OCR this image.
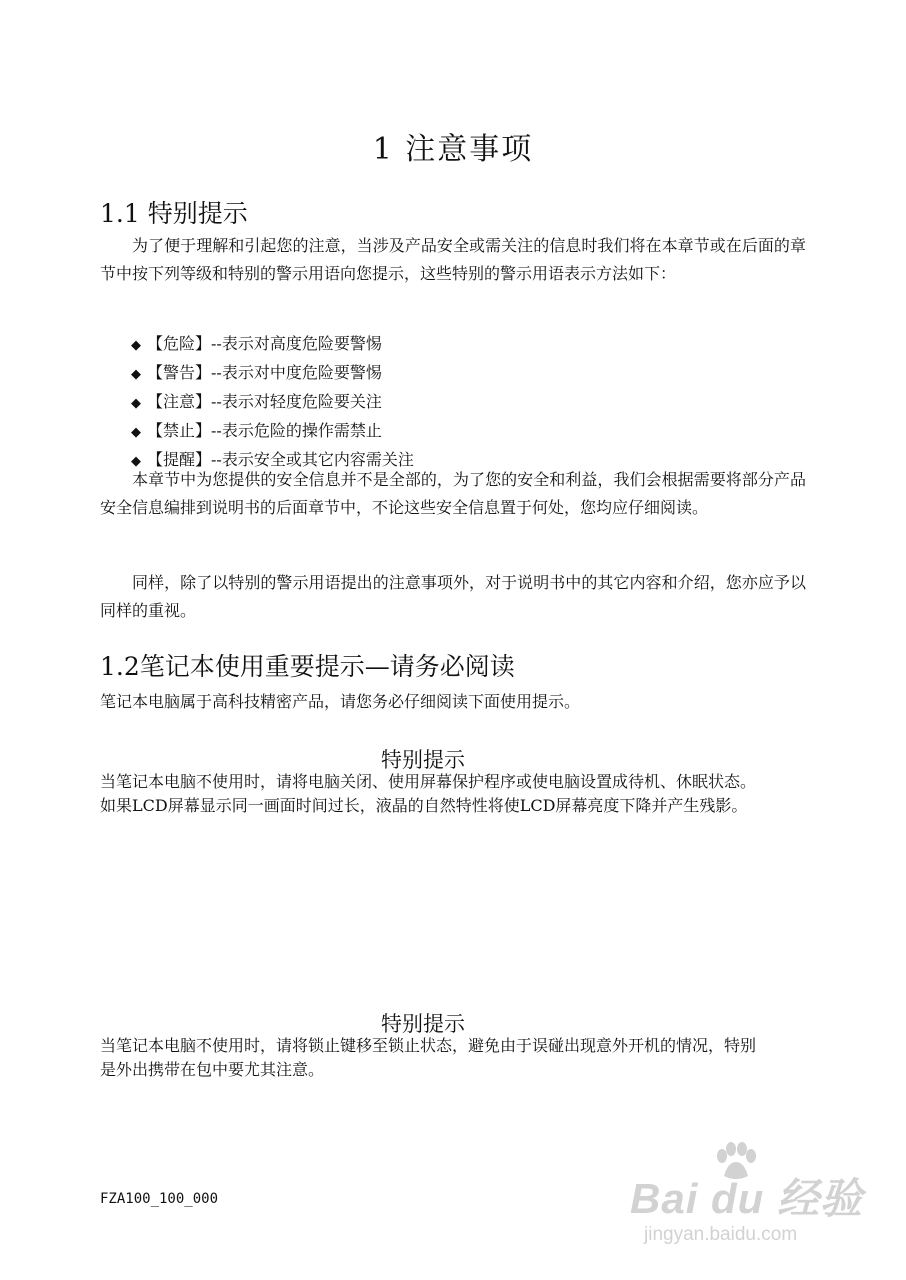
1 注意事项
1.1 特别提示
为了便于理解和引起您的注意，当涉及产品安全或需关注的信息时我们将在本章节或在后面的章节中按下列等级和特别的警示用语向您提示，这些特别的警示用语表示方法如下：
◆ 【危险】--表示对高度危险要警惕
◆ 【警告】--表示对中度危险要警惕
◆ 【注意】--表示对轻度危险要关注
◆ 【禁止】--表示危险的操作需禁止
◆ 【提醒】--表示安全或其它内容需关注
本章节中为您提供的安全信息并不是全部的，为了您的安全和利益，我们会根据需要将部分产品安全信息编排到说明书的后面章节中，不论这些安全信息置于何处，您均应仔细阅读。
同样，除了以特别的警示用语提出的注意事项外，对于说明书中的其它内容和介绍，您亦应予以同样的重视。
1.2笔记本使用重要提示—请务必阅读
笔记本电脑属于高科技精密产品，请您务必仔细阅读下面使用提示。
特别提示
当笔记本电脑不使用时，请将电脑关闭、使用屏幕保护程序或使电脑设置成待机、休眠状态。如果LCD屏幕显示同一画面时间过长，液晶的自然特性将使LCD屏幕亮度下降并产生残影。
特别提示
当笔记本电脑不使用时，请将锁止键移至锁止状态，避免由于误碰出现意外开机的情况，特别是外出携带在包中要尤其注意。
FZA100_100_000	Bai du 经验
jingyan.baidu.com
